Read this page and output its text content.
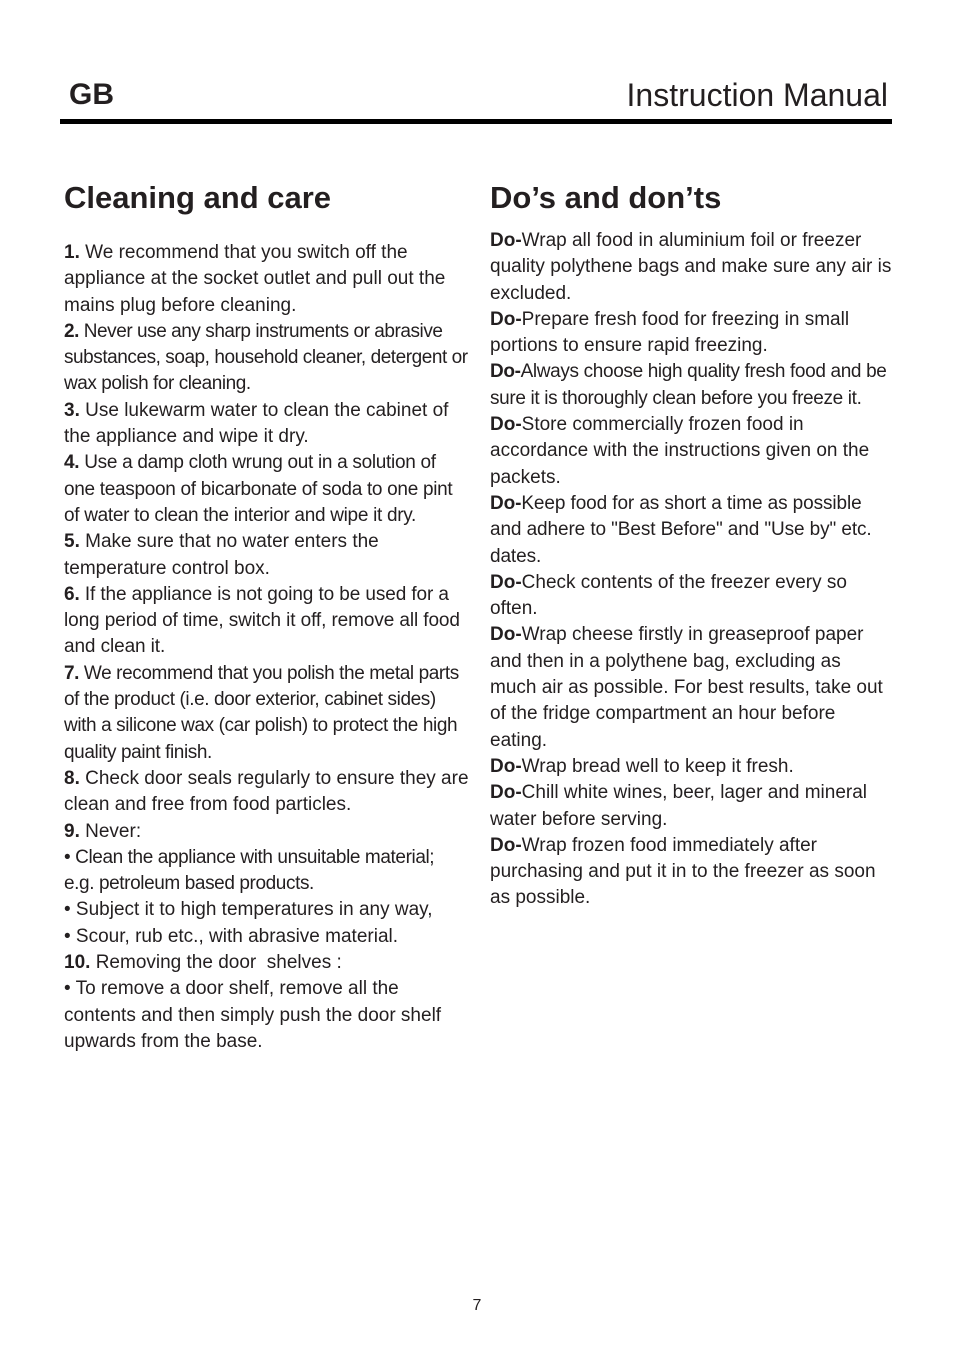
GB	Instruction Manual
Cleaning and care

1. We recommend that you switch off the appliance at the socket outlet and pull out the mains plug before cleaning.

2. Never use any sharp instruments or abrasive substances, soap, household cleaner, detergent or wax polish for cleaning.

3. Use lukewarm water to clean the cabinet of the appliance and wipe it dry.

4. Use a damp cloth wrung out in a solution of one teaspoon of bicarbonate of soda to one pint of water to clean the interior and wipe it dry.

5. Make sure that no water enters the temperature control box.

6. If the appliance is not going to be used for a long period of time, switch it off, remove all food and clean it.

7. We recommend that you polish the metal parts of the product (i.e. door exterior, cabinet sides) with a silicone wax (car polish) to protect the high quality paint finish.

8. Check door seals regularly to ensure they are clean and free from food particles.

9. Never:

• Clean the appliance with unsuitable material; e.g. petroleum based products.

• Subject it to high temperatures in any way,

• Scour, rub etc., with abrasive material.

10. Removing the door  shelves :

• To remove a door shelf, remove all the contents and then simply push the door shelf upwards from the base.

Do’s and don’ts

Do-Wrap all food in aluminium foil or freezer quality polythene bags and make sure any air is excluded.

Do-Prepare fresh food for freezing in small portions to ensure rapid freezing.

Do-Always choose high quality fresh food and be sure it is thoroughly clean before you freeze it.

Do-Store commercially frozen food in accordance with the instructions given on the packets.

Do-Keep food for as short a time as possible and adhere to "Best Before" and "Use by" etc. dates.

Do-Check contents of the freezer every so often.

Do-Wrap cheese firstly in greaseproof paper and then in a polythene bag, excluding as much air as possible. For best results, take out of the fridge compartment an hour before eating.

Do-Wrap bread well to keep it fresh.

Do-Chill white wines, beer, lager and mineral water before serving.

Do-Wrap frozen food immediately after purchasing and put it in to the freezer as soon as possible.

7
